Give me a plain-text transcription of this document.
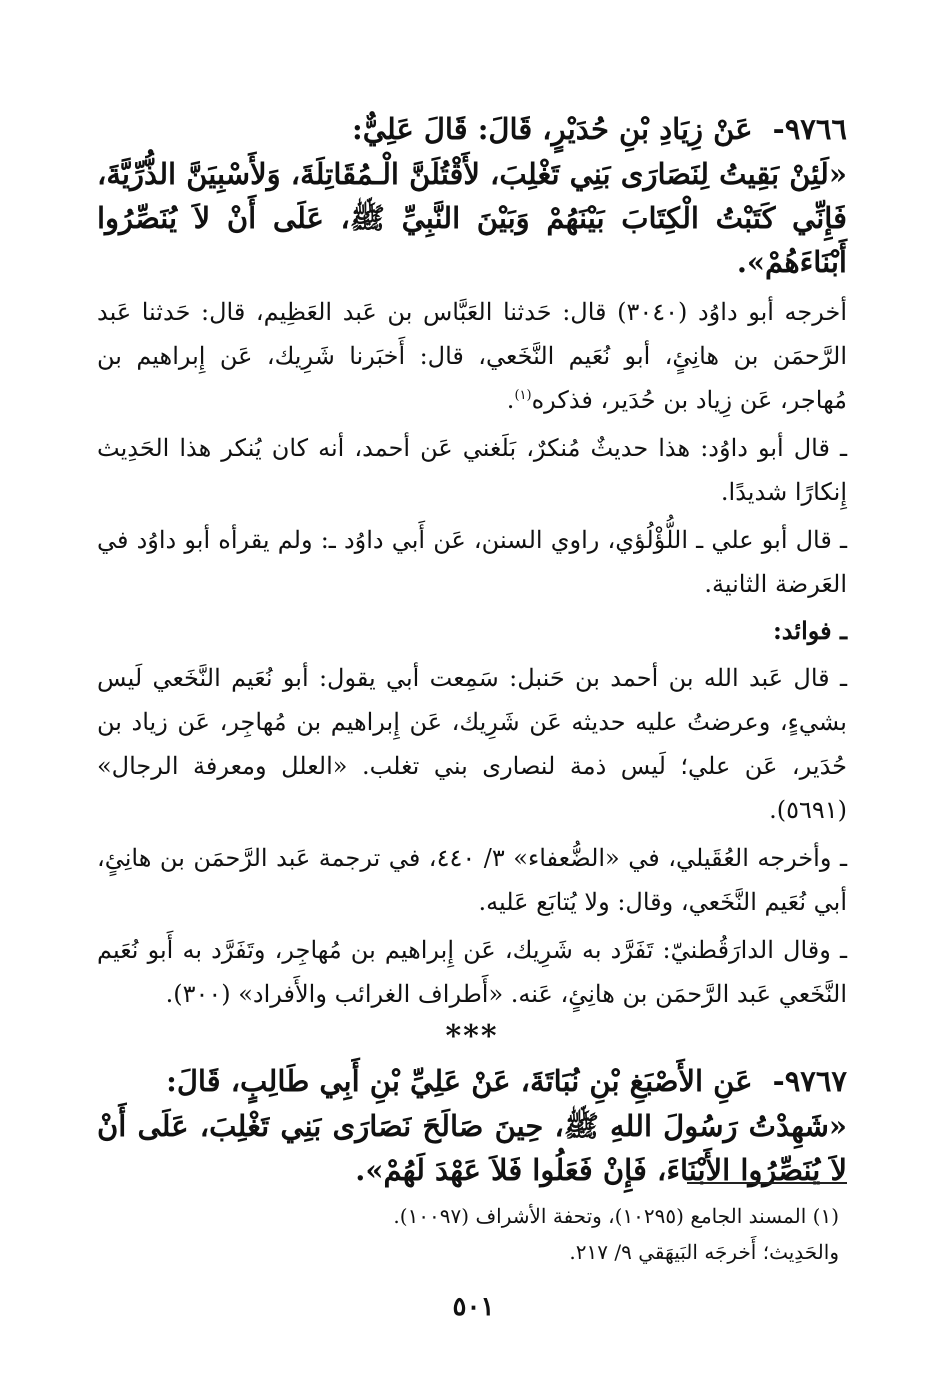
٩٧٦٦- عَنْ زِيَادِ بْنِ حُدَيْرٍ، قَالَ: قَالَ عَلِيٌّ:

«لَئِنْ بَقِيتُ لِنَصَارَى بَنِي تَغْلِبَ، لأَقْتُلَنَّ الْـمُقَاتِلَةَ، وَلأَسْبِيَنَّ الذُّرِّيَّةَ، فَإِنِّي كَتَبْتُ الْكِتَابَ بَيْنَهُمْ وَبَيْنَ النَّبِيِّ ﷺ، عَلَى أَنْ لاَ يُنَصِّرُوا أَبْنَاءَهُمْ».

أخرجه أبو داوُد (٣٠٤٠) قال: حَدثنا العَبَّاس بن عَبد العَظِيم، قال: حَدثنا عَبد الرَّحمَن بن هانِئٍ، أبو نُعَيم النَّخَعي، قال: أَخبَرنا شَرِيك، عَن إِبراهيم بن مُهاجر، عَن زِياد بن حُدَير، فذكره$^{(١)}$.

ـ قال أبو داوُد: هذا حديثٌ مُنكرٌ، بَلَغني عَن أحمد، أنه كان يُنكر هذا الحَدِيث إِنكارًا شديدًا.

ـ قال أبو علي ـ اللُّؤْلُؤي، راوي السنن، عَن أَبي داوُد ـ: ولم يقرأه أبو داوُد في العَرضة الثانية.

ـ فوائد:

ـ قال عَبد الله بن أحمد بن حَنبل: سَمِعت أبي يقول: أبو نُعَيم النَّخَعي لَيس بشيءٍ، وعرضتُ عليه حديثه عَن شَرِيك، عَن إِبراهيم بن مُهاجِر، عَن زياد بن حُدَير، عَن علي؛ لَيس ذمة لنصارى بني تغلب. «العلل ومعرفة الرجال» (٥٦٩١).

ـ وأخرجه العُقَيلي، في «الضُّعفاء» ٣/ ٤٤٠، في ترجمة عَبد الرَّحمَن بن هانِئٍ، أبي نُعَيم النَّخَعي، وقال: ولا يُتابَع عَليه.

ـ وقال الدارَقُطنيّ: تَفَرَّد به شَرِيك، عَن إِبراهيم بن مُهاجِر، وتَفَرَّد به أَبو نُعَيم النَّخَعي عَبد الرَّحمَن بن هانِئٍ، عَنه. «أَطراف الغرائب والأَفراد» (٣٠٠).

***

٩٧٦٧- عَنِ الأَصْبَغِ بْنِ نُبَاتَةَ، عَنْ عَلِيِّ بْنِ أَبِي طَالِبٍ، قَالَ:

«شَهِدْتُ رَسُولَ اللهِ ﷺ، حِينَ صَالَحَ نَصَارَى بَنِي تَغْلِبَ، عَلَى أَنْ لاَ يُنَصِّرُوا الأَبْنَاءَ، فَإِنْ فَعَلُوا فَلاَ عَهْدَ لَهُمْ».

(١) المسند الجامع (١٠٢٩٥)، وتحفة الأشراف (١٠٠٩٧).

والحَدِيث؛ أَخرجَه البَيهَقي ٩/ ٢١٧.

٥٠١
